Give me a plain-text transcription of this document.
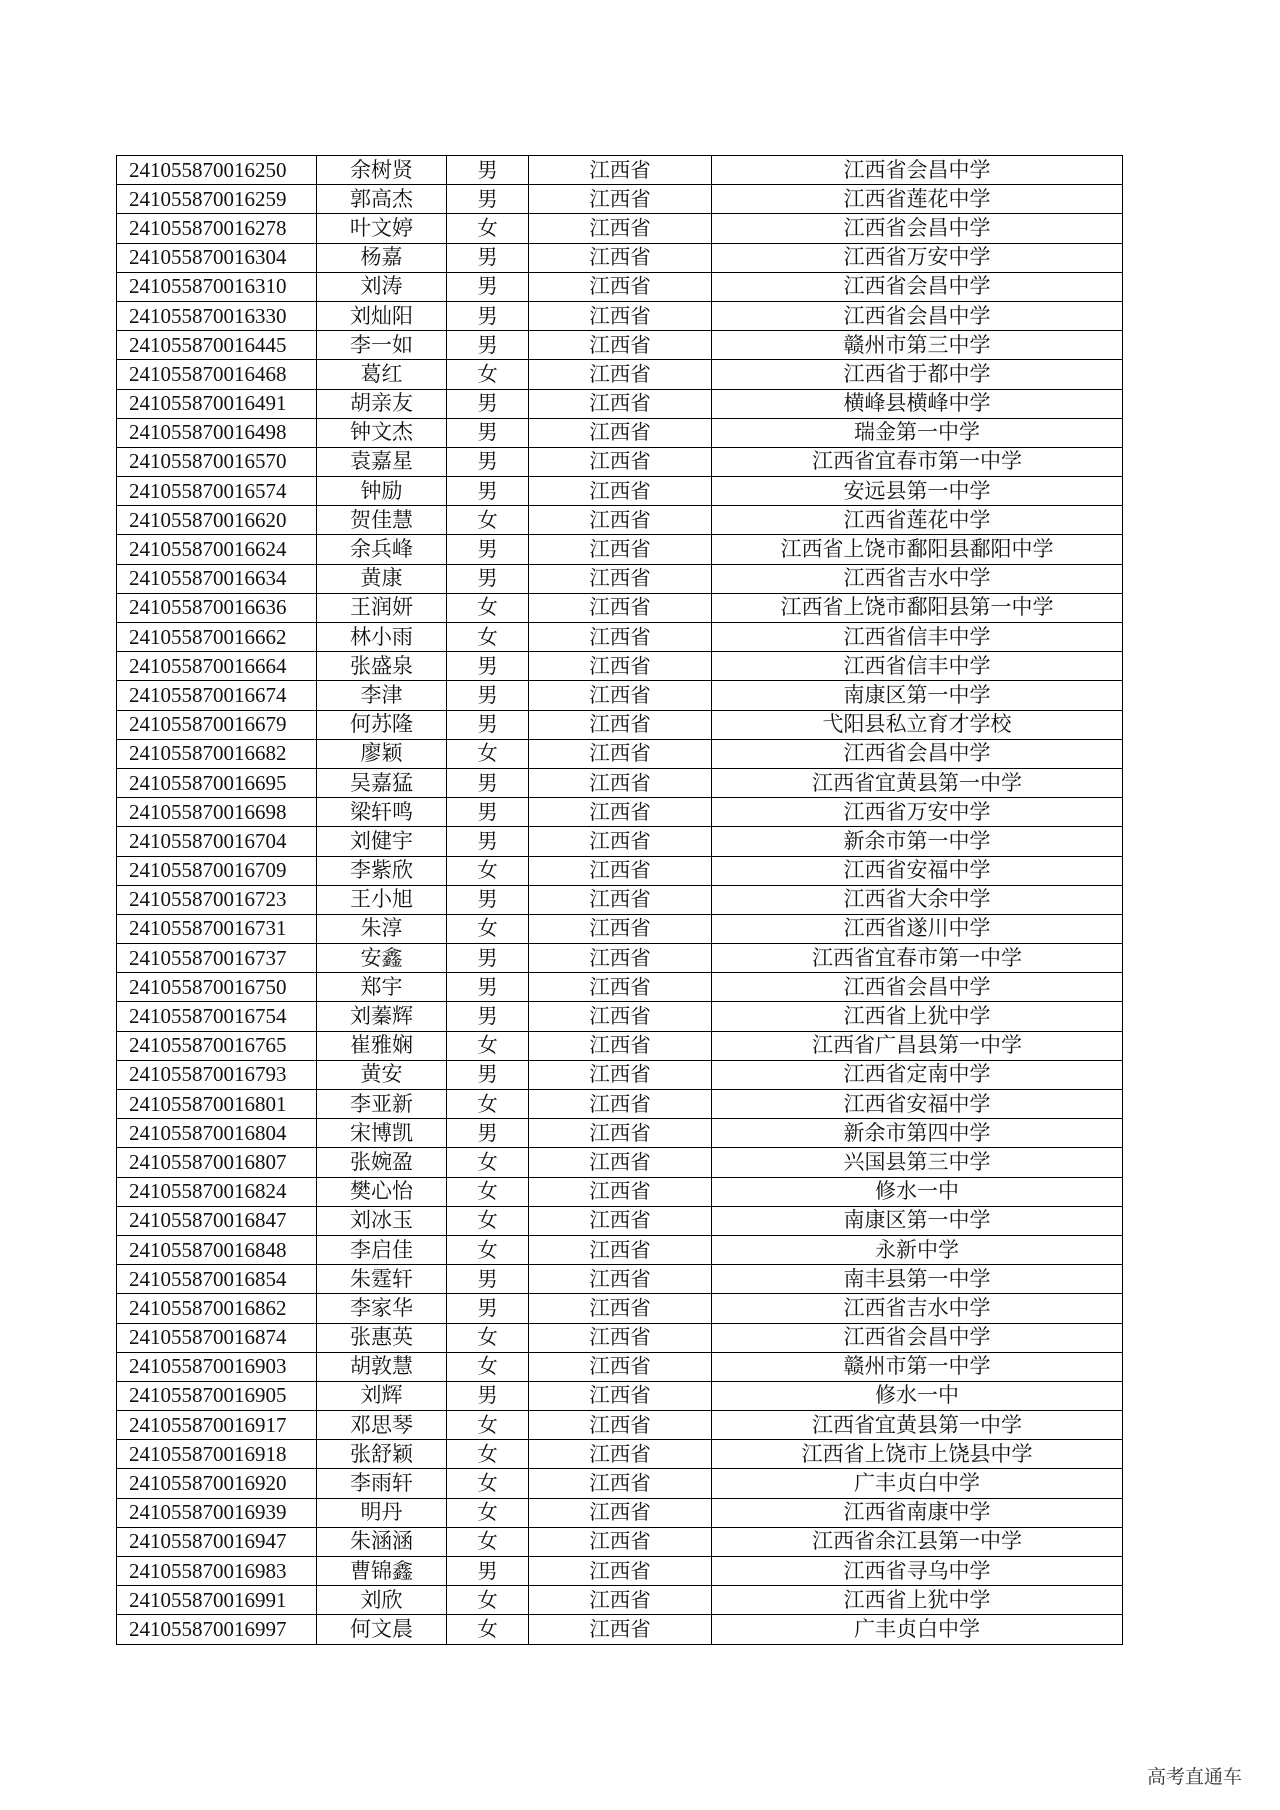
241055870016250	余树贤	男	江西省	江西省会昌中学
241055870016259	郭高杰	男	江西省	江西省莲花中学
241055870016278	叶文婷	女	江西省	江西省会昌中学
241055870016304	杨嘉	男	江西省	江西省万安中学
241055870016310	刘涛	男	江西省	江西省会昌中学
241055870016330	刘灿阳	男	江西省	江西省会昌中学
241055870016445	李一如	男	江西省	赣州市第三中学
241055870016468	葛红	女	江西省	江西省于都中学
241055870016491	胡亲友	男	江西省	横峰县横峰中学
241055870016498	钟文杰	男	江西省	瑞金第一中学
241055870016570	袁嘉星	男	江西省	江西省宜春市第一中学
241055870016574	钟励	男	江西省	安远县第一中学
241055870016620	贺佳慧	女	江西省	江西省莲花中学
241055870016624	余兵峰	男	江西省	江西省上饶市鄱阳县鄱阳中学
241055870016634	黄康	男	江西省	江西省吉水中学
241055870016636	王润妍	女	江西省	江西省上饶市鄱阳县第一中学
241055870016662	林小雨	女	江西省	江西省信丰中学
241055870016664	张盛泉	男	江西省	江西省信丰中学
241055870016674	李津	男	江西省	南康区第一中学
241055870016679	何苏隆	男	江西省	弋阳县私立育才学校
241055870016682	廖颖	女	江西省	江西省会昌中学
241055870016695	吴嘉猛	男	江西省	江西省宜黄县第一中学
241055870016698	梁轩鸣	男	江西省	江西省万安中学
241055870016704	刘健宇	男	江西省	新余市第一中学
241055870016709	李紫欣	女	江西省	江西省安福中学
241055870016723	王小旭	男	江西省	江西省大余中学
241055870016731	朱淳	女	江西省	江西省遂川中学
241055870016737	安鑫	男	江西省	江西省宜春市第一中学
241055870016750	郑宇	男	江西省	江西省会昌中学
241055870016754	刘蓁辉	男	江西省	江西省上犹中学
241055870016765	崔雅娴	女	江西省	江西省广昌县第一中学
241055870016793	黄安	男	江西省	江西省定南中学
241055870016801	李亚新	女	江西省	江西省安福中学
241055870016804	宋博凯	男	江西省	新余市第四中学
241055870016807	张婉盈	女	江西省	兴国县第三中学
241055870016824	樊心怡	女	江西省	修水一中
241055870016847	刘冰玉	女	江西省	南康区第一中学
241055870016848	李启佳	女	江西省	永新中学
241055870016854	朱霆轩	男	江西省	南丰县第一中学
241055870016862	李家华	男	江西省	江西省吉水中学
241055870016874	张惠英	女	江西省	江西省会昌中学
241055870016903	胡敦慧	女	江西省	赣州市第一中学
241055870016905	刘辉	男	江西省	修水一中
241055870016917	邓思琴	女	江西省	江西省宜黄县第一中学
241055870016918	张舒颖	女	江西省	江西省上饶市上饶县中学
241055870016920	李雨轩	女	江西省	广丰贞白中学
241055870016939	明丹	女	江西省	江西省南康中学
241055870016947	朱涵涵	女	江西省	江西省余江县第一中学
241055870016983	曹锦鑫	男	江西省	江西省寻乌中学
241055870016991	刘欣	女	江西省	江西省上犹中学
241055870016997	何文晨	女	江西省	广丰贞白中学
高考直通车
